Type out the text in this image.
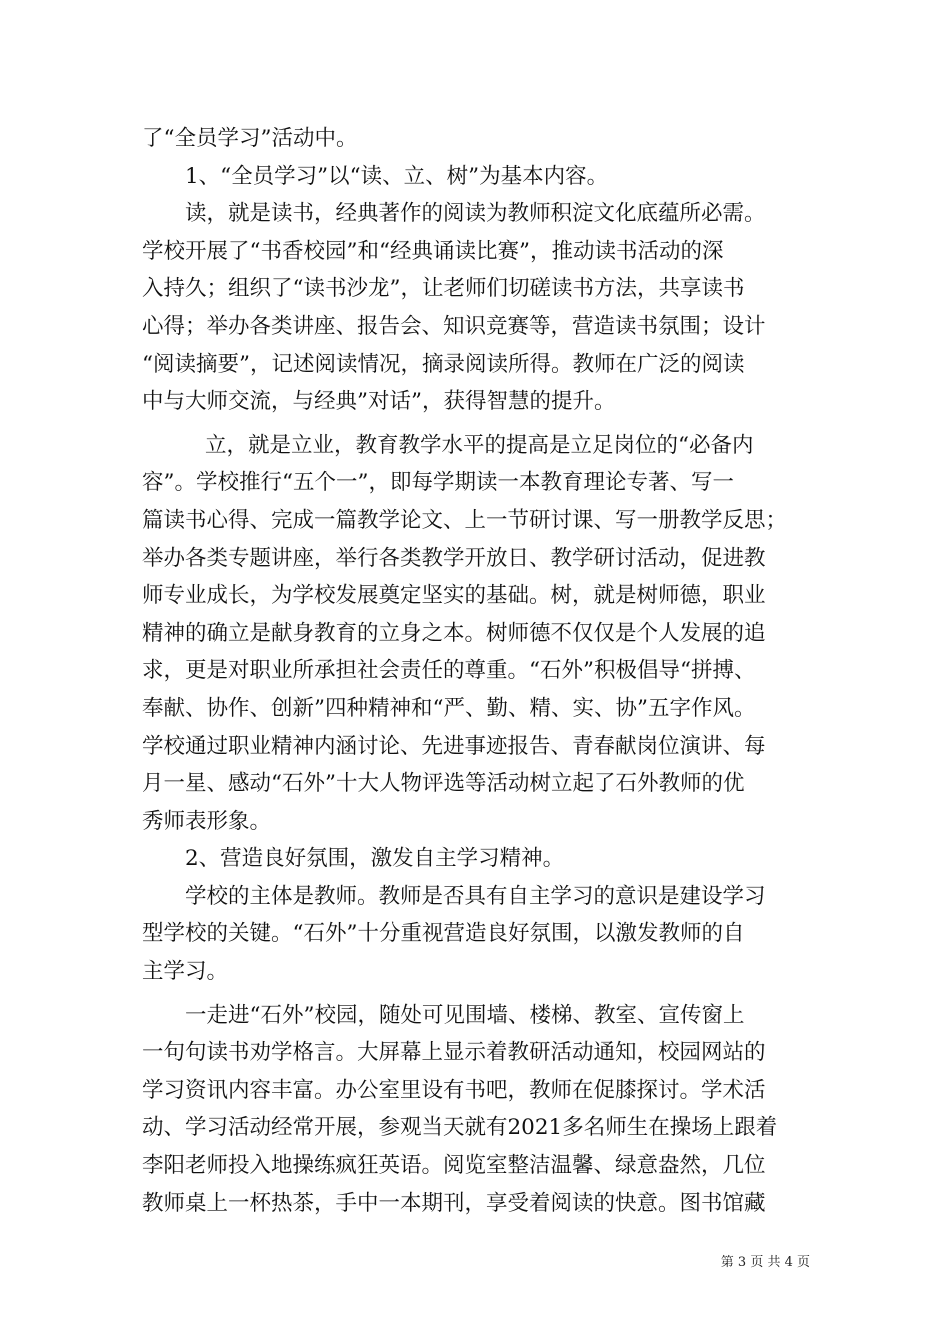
了“全员学习”活动中。
1、“全员学习”以“读、立、树”为基本内容。
读，就是读书，经典著作的阅读为教师积淀文化底蕴所必需。
学校开展了“书香校园”和“经典诵读比赛”，推动读书活动的深
入持久；组织了“读书沙龙”，让老师们切磋读书方法，共享读书
心得；举办各类讲座、报告会、知识竞赛等，营造读书氛围；设计
“阅读摘要”，记述阅读情况，摘录阅读所得。教师在广泛的阅读
中与大师交流，与经典”对话”，获得智慧的提升。
立，就是立业，教育教学水平的提高是立足岗位的“必备内
容”。学校推行“五个一”，即每学期读一本教育理论专著、写一
篇读书心得、完成一篇教学论文、上一节研讨课、写一册教学反思；
举办各类专题讲座，举行各类教学开放日、教学研讨活动，促进教
师专业成长，为学校发展奠定坚实的基础。树，就是树师德，职业
精神的确立是献身教育的立身之本。树师德不仅仅是个人发展的追
求，更是对职业所承担社会责任的尊重。“石外”积极倡导“拼搏、
奉献、协作、创新”四种精神和“严、勤、精、实、协”五字作风。
学校通过职业精神内涵讨论、先进事迹报告、青春献岗位演讲、每
月一星、感动“石外”十大人物评选等活动树立起了石外教师的优
秀师表形象。
2、营造良好氛围，激发自主学习精神。
学校的主体是教师。教师是否具有自主学习的意识是建设学习
型学校的关键。“石外”十分重视营造良好氛围，以激发教师的自
主学习。
一走进“石外”校园，随处可见围墙、楼梯、教室、宣传窗上
一句句读书劝学格言。大屏幕上显示着教研活动通知，校园网站的
学习资讯内容丰富。办公室里设有书吧，教师在促膝探讨。学术活
动、学习活动经常开展，参观当天就有2021多名师生在操场上跟着
李阳老师投入地操练疯狂英语。阅览室整洁温馨、绿意盎然，几位
教师桌上一杯热茶，手中一本期刊，享受着阅读的快意。图书馆藏
第 3 页 共 4 页
